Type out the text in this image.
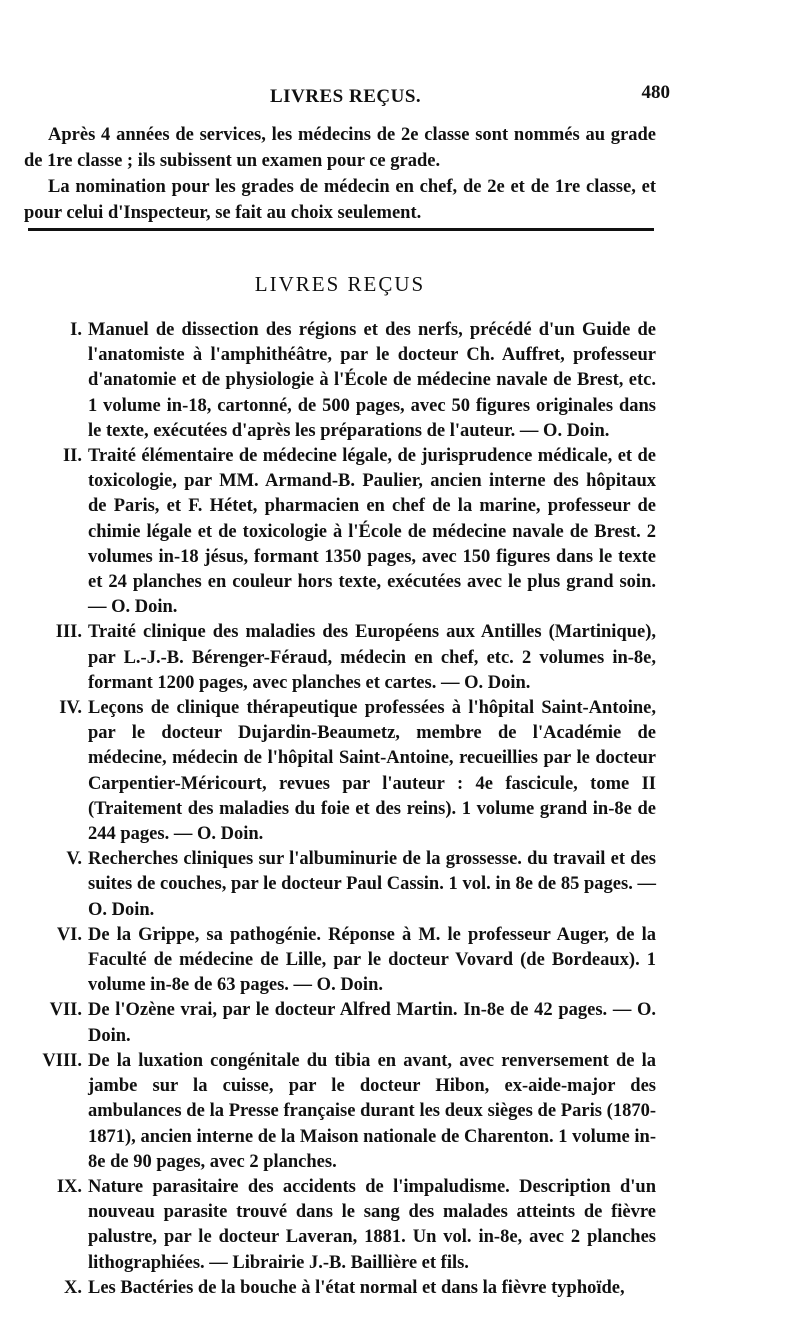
LIVRES REÇUS.	480

Après 4 années de services, les médecins de 2e classe sont nommés au grade de 1re classe ; ils subissent un examen pour ce grade.

La nomination pour les grades de médecin en chef, de 2e et de 1re classe, et pour celui d'Inspecteur, se fait au choix seulement.

LIVRES REÇUS
I. Manuel de dissection des régions et des nerfs, précédé d'un Guide de l'anatomiste à l'amphithéâtre, par le docteur Ch. Auffret, professeur d'anatomie et de physiologie à l'École de médecine navale de Brest, etc. 1 volume in-18, cartonné, de 500 pages, avec 50 figures originales dans le texte, exécutées d'après les préparations de l'auteur. — O. Doin.
II. Traité élémentaire de médecine légale, de jurisprudence médicale, et de toxicologie, par MM. Armand-B. Paulier, ancien interne des hôpitaux de Paris, et F. Hétet, pharmacien en chef de la marine, professeur de chimie légale et de toxicologie à l'École de médecine navale de Brest. 2 volumes in-18 jésus, formant 1350 pages, avec 150 figures dans le texte et 24 planches en couleur hors texte, exécutées avec le plus grand soin. — O. Doin.
III. Traité clinique des maladies des Européens aux Antilles (Martinique), par L.-J.-B. Bérenger-Féraud, médecin en chef, etc. 2 volumes in-8e, formant 1200 pages, avec planches et cartes. — O. Doin.
IV. Leçons de clinique thérapeutique professées à l'hôpital Saint-Antoine, par le docteur Dujardin-Beaumetz, membre de l'Académie de médecine, médecin de l'hôpital Saint-Antoine, recueillies par le docteur Carpentier-Méricourt, revues par l'auteur : 4e fascicule, tome II (Traitement des maladies du foie et des reins). 1 volume grand in-8e de 244 pages. — O. Doin.
V. Recherches cliniques sur l'albuminurie de la grossesse. du travail et des suites de couches, par le docteur Paul Cassin. 1 vol. in 8e de 85 pages. — O. Doin.
VI. De la Grippe, sa pathogénie. Réponse à M. le professeur Auger, de la Faculté de médecine de Lille, par le docteur Vovard (de Bordeaux). 1 volume in-8e de 63 pages. — O. Doin.
VII. De l'Ozène vrai, par le docteur Alfred Martin. In-8e de 42 pages. — O. Doin.
VIII. De la luxation congénitale du tibia en avant, avec renversement de la jambe sur la cuisse, par le docteur Hibon, ex-aide-major des ambulances de la Presse française durant les deux sièges de Paris (1870-1871), ancien interne de la Maison nationale de Charenton. 1 volume in-8e de 90 pages, avec 2 planches.
IX. Nature parasitaire des accidents de l'impaludisme. Description d'un nouveau parasite trouvé dans le sang des malades atteints de fièvre palustre, par le docteur Laveran, 1881. Un vol. in-8e, avec 2 planches lithographiées. — Librairie J.-B. Baillière et fils.
X. Les Bactéries de la bouche à l'état normal et dans la fièvre typhoïde,
